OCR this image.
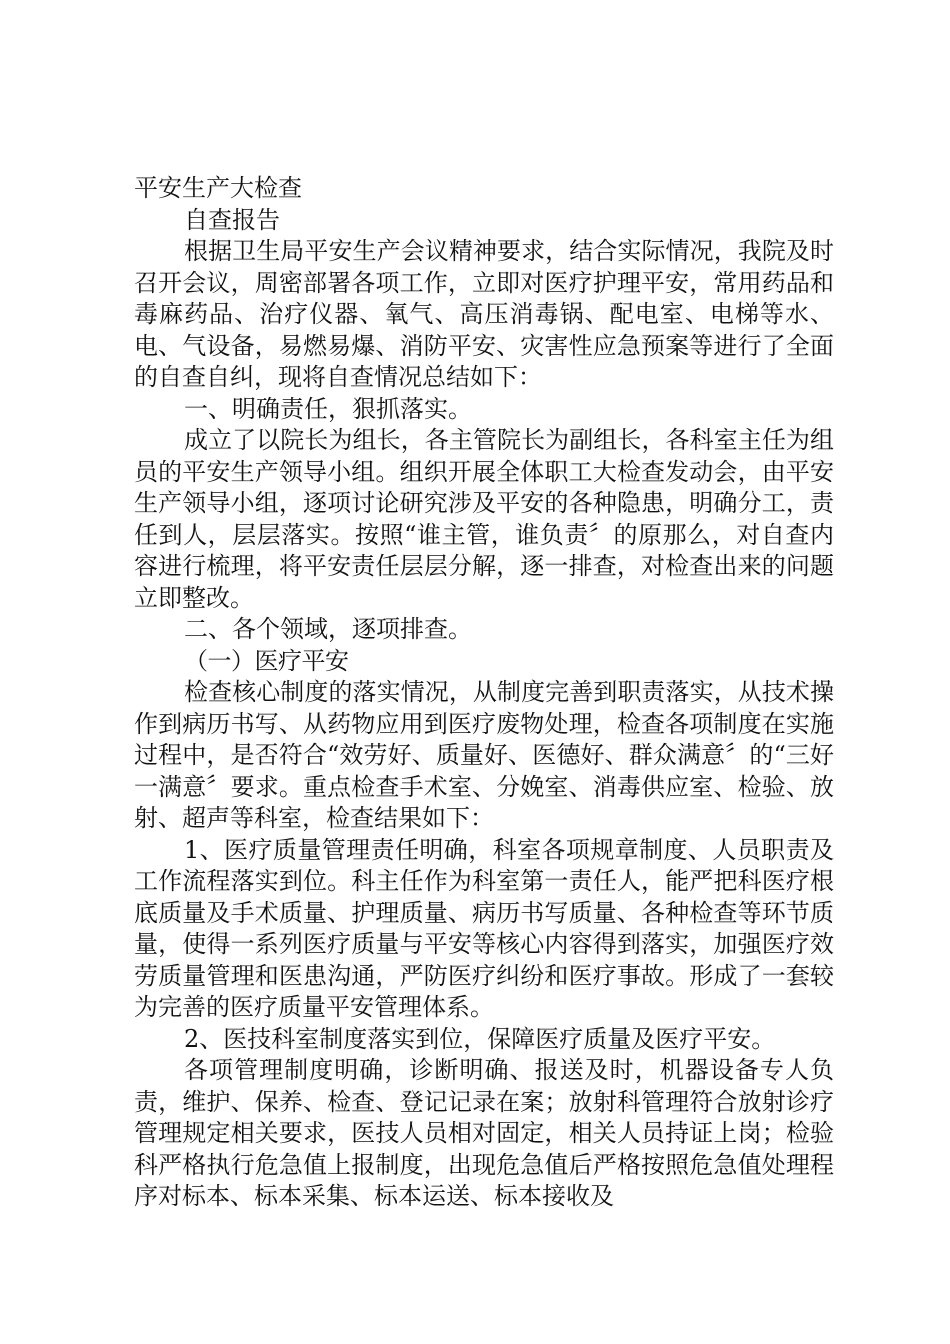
平安生产大检查
自查报告

根据卫生局平安生产会议精神要求，结合实际情况，我院及时召开会议，周密部署各项工作，立即对医疗护理平安，常用药品和毒麻药品、治疗仪器、氧气、高压消毒锅、配电室、电梯等水、电、气设备，易燃易爆、消防平安、灾害性应急预案等进行了全面的自查自纠，现将自查情况总结如下：

一、明确责任，狠抓落实。

成立了以院长为组长，各主管院长为副组长，各科室主任为组员的平安生产领导小组。组织开展全体职工大检查发动会，由平安生产领导小组，逐项讨论研究涉及平安的各种隐患，明确分工，责任到人，层层落实。按照“谁主管，谁负责〞的原那么，对自查内容进行梳理，将平安责任层层分解，逐一排查，对检查出来的问题立即整改。

二、各个领域，逐项排查。

（一）医疗平安

检查核心制度的落实情况，从制度完善到职责落实，从技术操作到病历书写、从药物应用到医疗废物处理，检查各项制度在实施过程中，是否符合“效劳好、质量好、医德好、群众满意〞的“三好一满意〞要求。重点检查手术室、分娩室、消毒供应室、检验、放射、超声等科室，检查结果如下：

1、医疗质量管理责任明确，科室各项规章制度、人员职责及工作流程落实到位。科主任作为科室第一责任人，能严把科医疗根底质量及手术质量、护理质量、病历书写质量、各种检查等环节质量，使得一系列医疗质量与平安等核心内容得到落实，加强医疗效劳质量管理和医患沟通，严防医疗纠纷和医疗事故。形成了一套较为完善的医疗质量平安管理体系。

2、医技科室制度落实到位，保障医疗质量及医疗平安。

各项管理制度明确，诊断明确、报送及时，机器设备专人负责，维护、保养、检查、登记记录在案；放射科管理符合放射诊疗管理规定相关要求，医技人员相对固定，相关人员持证上岗；检验科严格执行危急值上报制度，出现危急值后严格按照危急值处理程序对标本、标本采集、标本运送、标本接收及
